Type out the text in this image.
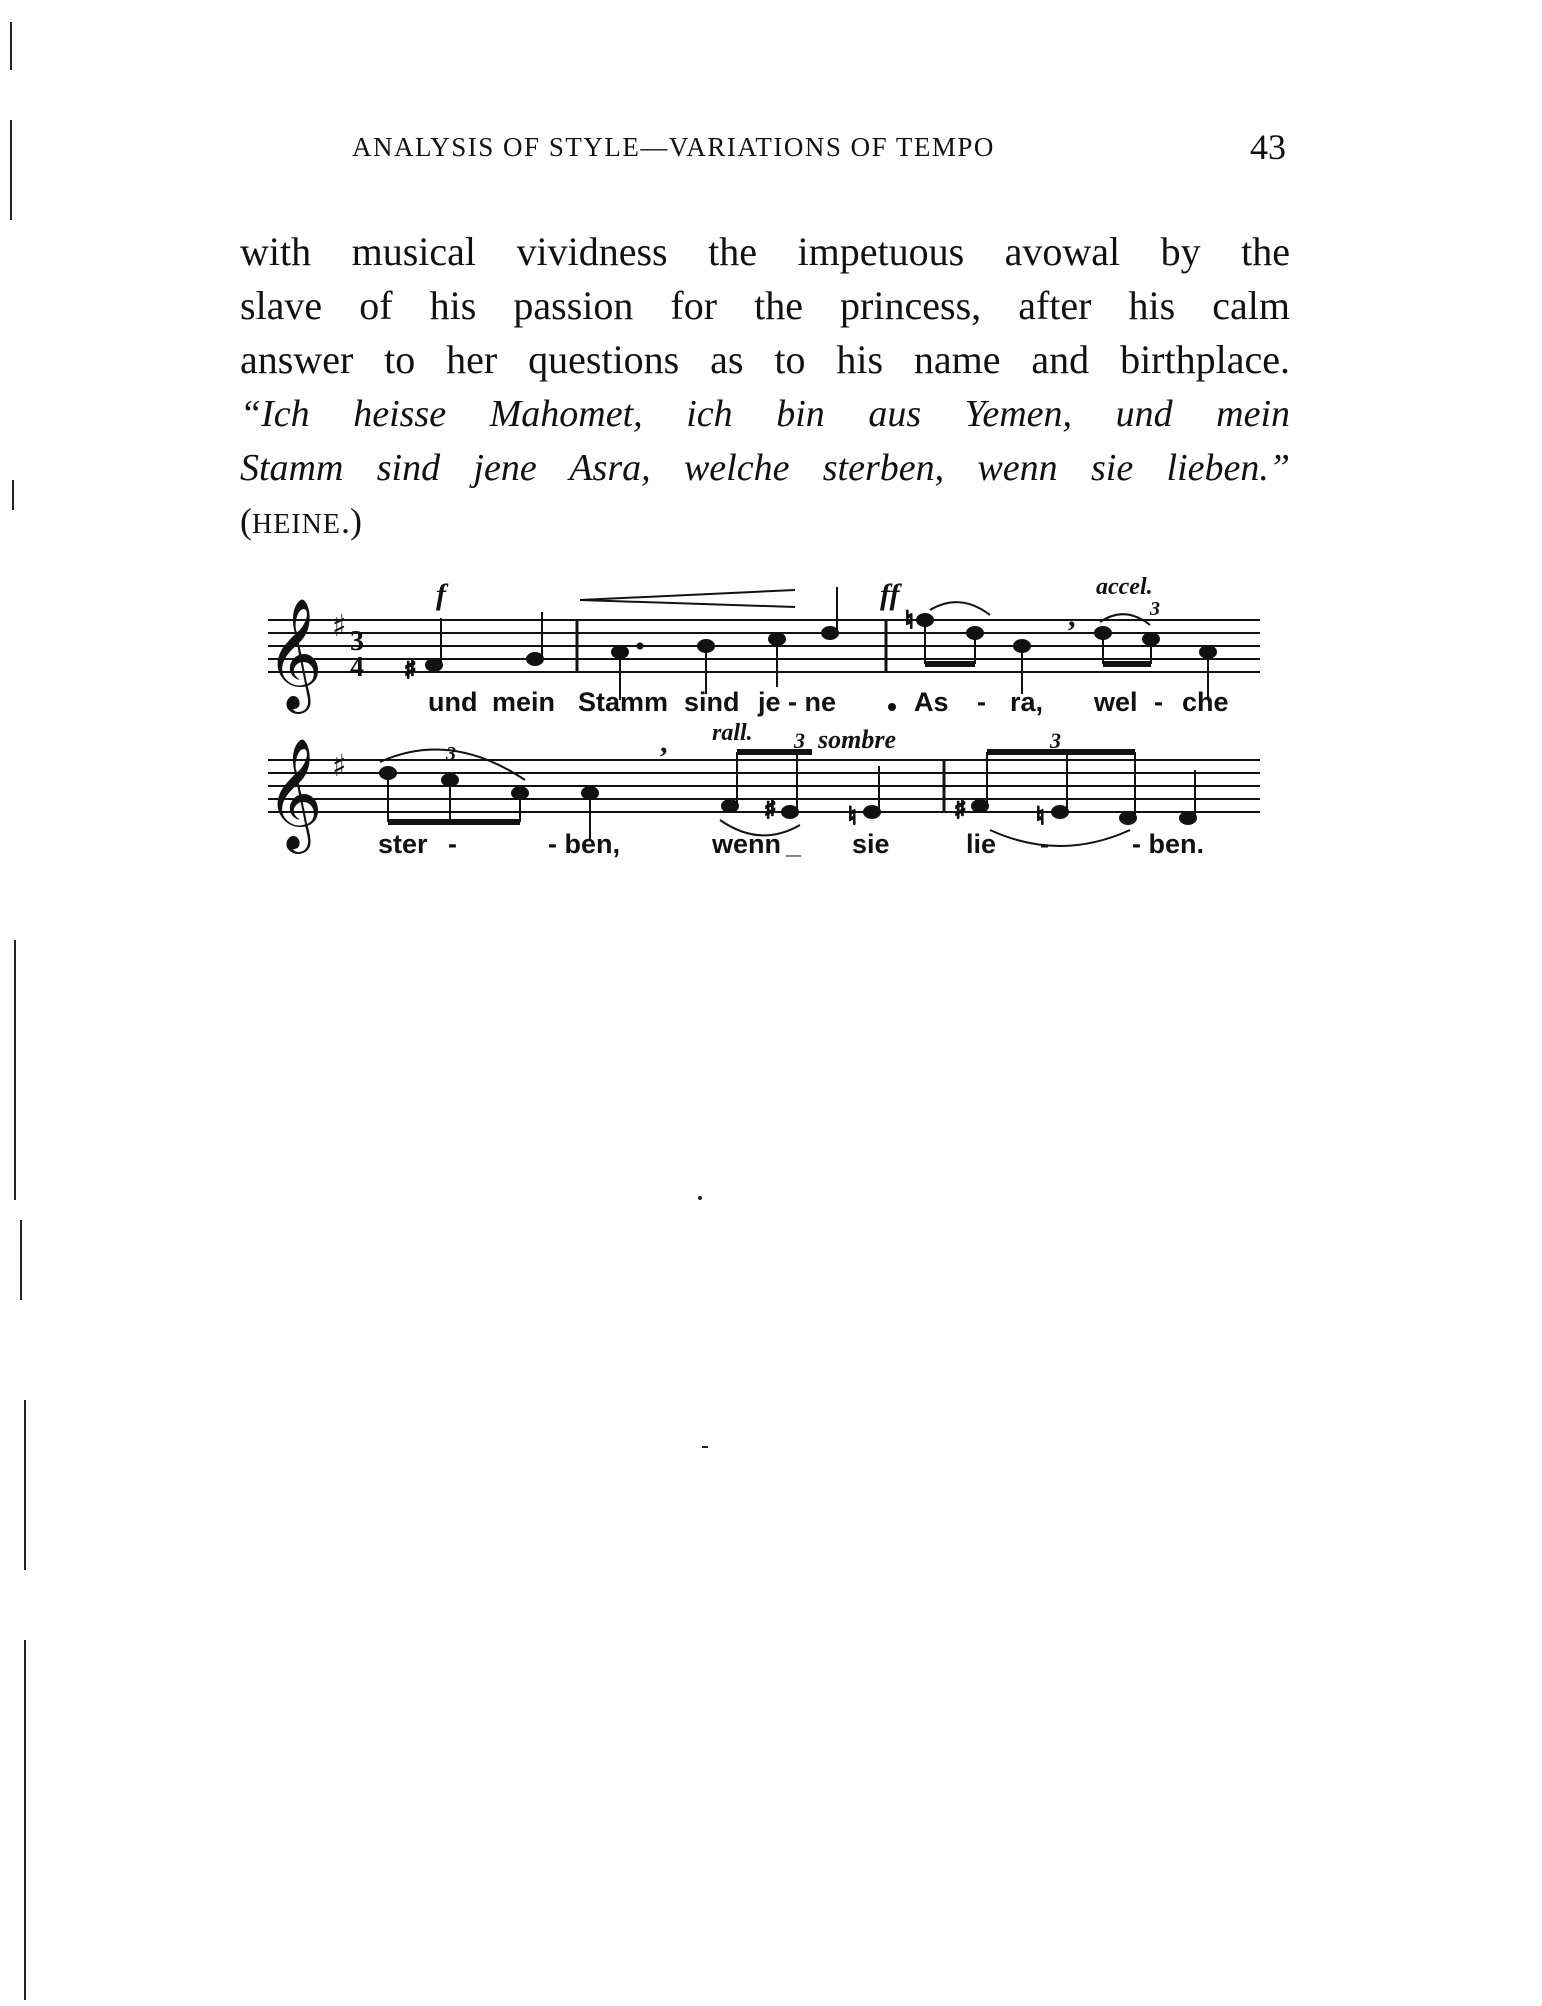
ANALYSIS OF STYLE—VARIATIONS OF TEMPO	43
with musical vividness the impetuous avowal by the
slave of his passion for the princess, after his calm
answer to her questions as to his name and birthplace.
“Ich heisse Mahomet, ich bin aus Yemen, und mein
Stamm sind jene Asra, welche sterben, wenn sie lieben.”
(HEINE.)
𝄞 ♯ 3
4 ♯
♮	,
f	ff	accel.
3
und mein Stamm sind je - ne	As - ra, wel - che
𝄞 ♯
♯	♮	♯	♮
, rall. 3 sombre
3
3
ster -	- ben,	wenn _ sie	lie -	- ben.
